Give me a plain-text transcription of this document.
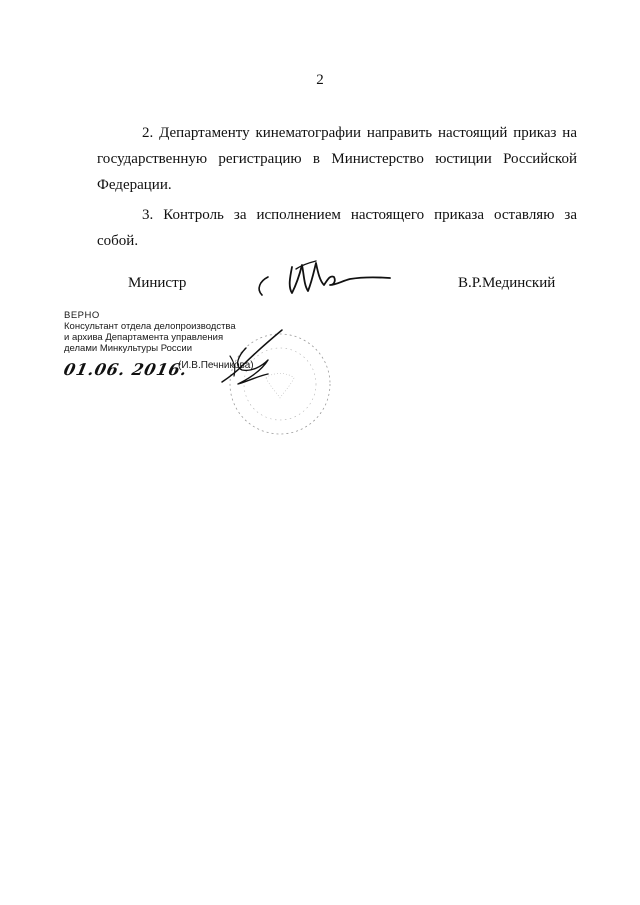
2

2. Департаменту кинематографии направить настоящий приказ на государственную регистрацию в Министерство юстиции Российской Федерации.

3. Контроль за исполнением настоящего приказа оставляю за собой.

Министр	В.Р.Мединский
ВЕРНО
Консультант отдела делопроизводства
и архива Департамента управления
делами Минкультуры России
01.06. 2016.
(И.В.Печникова)
